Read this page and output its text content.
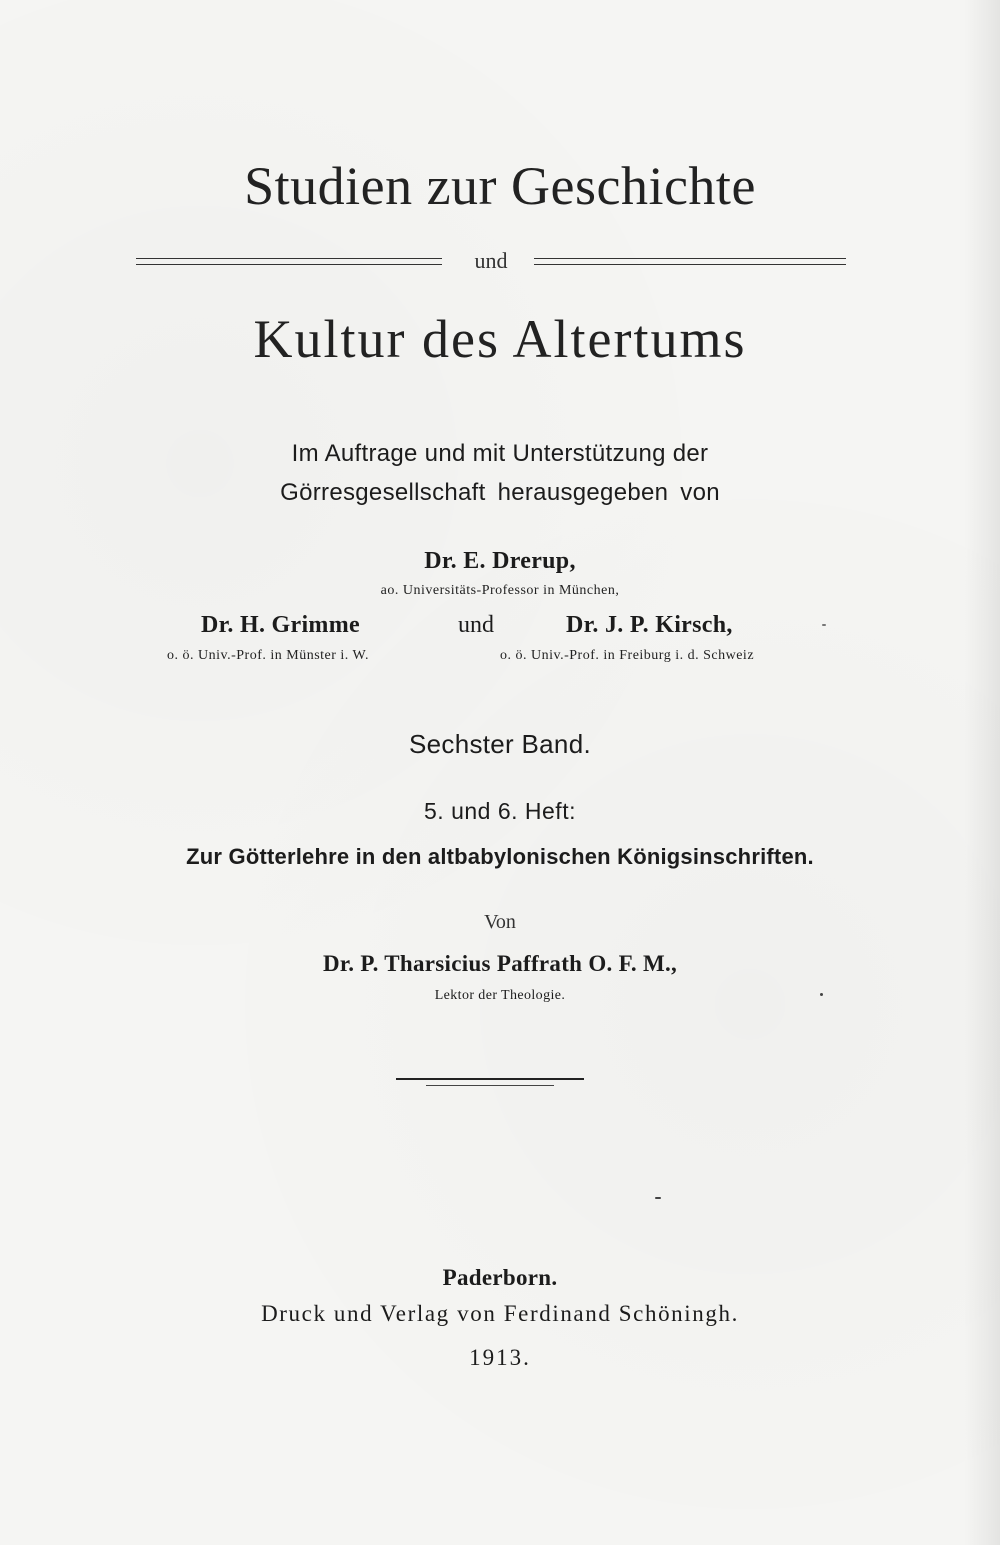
Studien zur Geschichte
und
Kultur des Altertums
Im Auftrage und mit Unterstützung der
Görresgesellschaft herausgegeben von
Dr. E. Drerup,
ao. Universitäts-Professor in München,
Dr. H. Grimme	und	Dr. J. P. Kirsch,
o. ö. Univ.-Prof. in Münster i. W.	o. ö. Univ.-Prof. in Freiburg i. d. Schweiz
Sechster Band.
5. und 6. Heft:
Zur Götterlehre in den altbabylonischen Königsinschriften.
Von
Dr. P. Tharsicius Paffrath O. F. M.,
Lektor der Theologie.
Paderborn.
Druck und Verlag von Ferdinand Schöningh.
1913.
